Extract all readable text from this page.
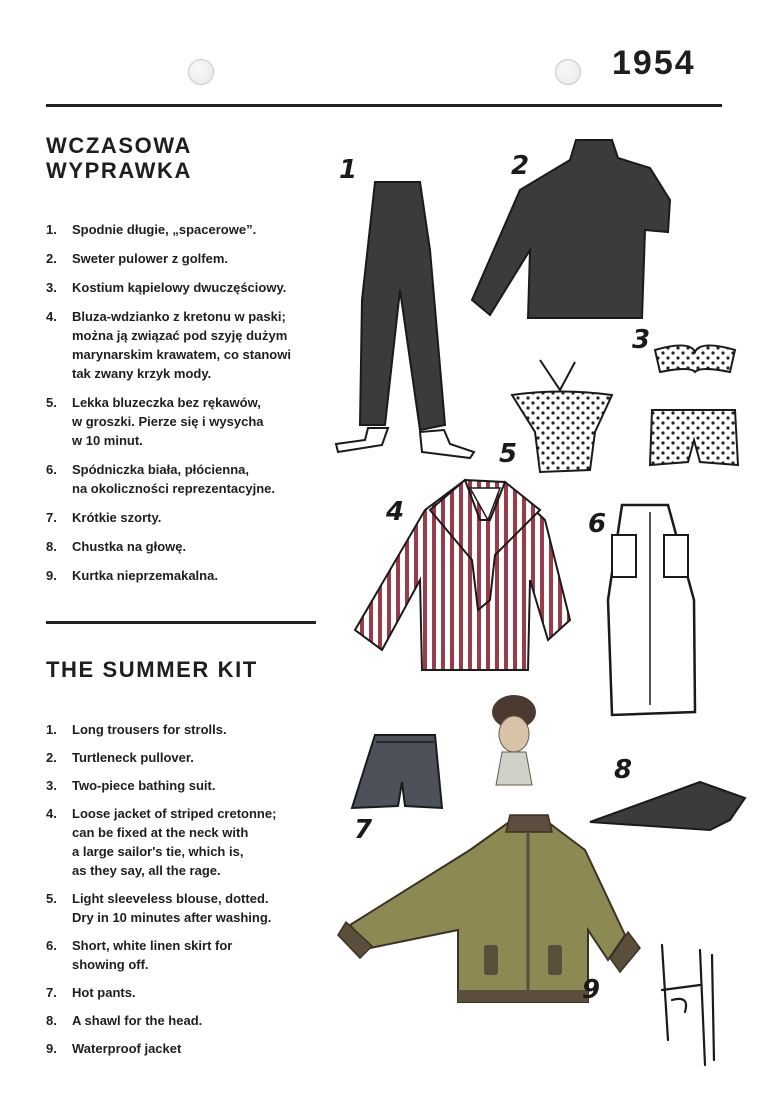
1954
WCZASOWA
WYPRAWKA
1.	Spodnie długie, „spacerowe”.
2.	Sweter pulower z golfem.
3.	Kostium kąpielowy dwuczęściowy.
4.	Bluza-wdzianko z kretonu w paski;
można ją związać pod szyję dużym
marynarskim krawatem, co stanowi
tak zwany krzyk mody.
5.	Lekka bluzeczka bez rękawów,
w groszki. Pierze się i wysycha
w 10 minut.
6.	Spódniczka biała, płócienna,
na okoliczności reprezentacyjne.
7.	Krótkie szorty.
8.	Chustka na głowę.
9.	Kurtka nieprzemakalna.
THE SUMMER KIT
1.	Long trousers for strolls.
2.	Turtleneck pullover.
3.	Two-piece bathing suit.
4.	Loose jacket of striped cretonne;
can be fixed at the neck with
a large sailor's tie, which is,
as they say, all the rage.
5.	Light sleeveless blouse, dotted.
Dry in 10 minutes after washing.
6.	Short, white linen skirt for
showing off.
7.	Hot pants.
8.	A shawl for the head.
9.	Waterproof jacket
1	2
3
4
5
6
7
8
9
